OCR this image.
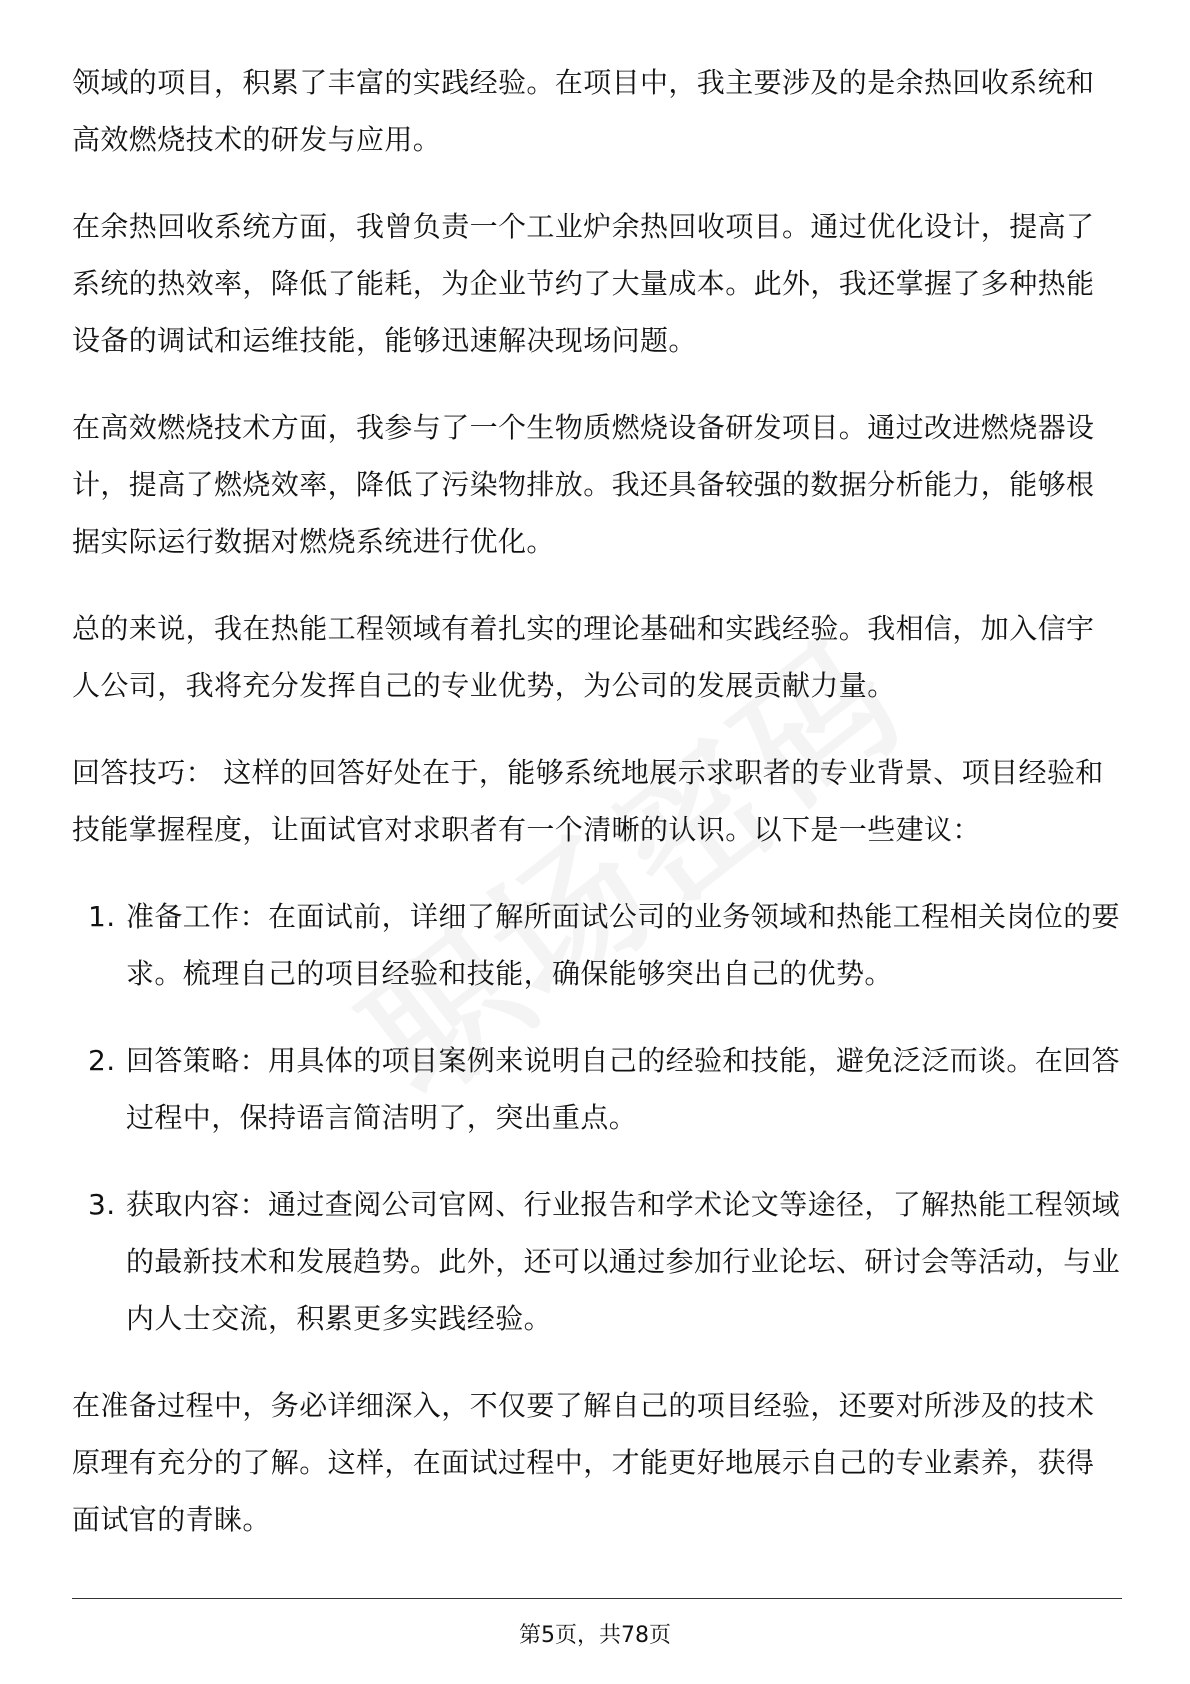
领域的项目，积累了丰富的实践经验。在项目中，我主要涉及的是余热回收系统和高效燃烧技术的研发与应用。

在余热回收系统方面，我曾负责一个工业炉余热回收项目。通过优化设计，提高了系统的热效率，降低了能耗，为企业节约了大量成本。此外，我还掌握了多种热能设备的调试和运维技能，能够迅速解决现场问题。

在高效燃烧技术方面，我参与了一个生物质燃烧设备研发项目。通过改进燃烧器设计，提高了燃烧效率，降低了污染物排放。我还具备较强的数据分析能力，能够根据实际运行数据对燃烧系统进行优化。

总的来说，我在热能工程领域有着扎实的理论基础和实践经验。我相信，加入信宇人公司，我将充分发挥自己的专业优势，为公司的发展贡献力量。

回答技巧： 这样的回答好处在于，能够系统地展示求职者的专业背景、项目经验和技能掌握程度，让面试官对求职者有一个清晰的认识。以下是一些建议：

1. 准备工作：在面试前，详细了解所面试公司的业务领域和热能工程相关岗位的要求。梳理自己的项目经验和技能，确保能够突出自己的优势。
2. 回答策略：用具体的项目案例来说明自己的经验和技能，避免泛泛而谈。在回答过程中，保持语言简洁明了，突出重点。
3. 获取内容：通过查阅公司官网、行业报告和学术论文等途径，了解热能工程领域的最新技术和发展趋势。此外，还可以通过参加行业论坛、研讨会等活动，与业内人士交流，积累更多实践经验。

在准备过程中，务必详细深入，不仅要了解自己的项目经验，还要对所涉及的技术原理有充分的了解。这样，在面试过程中，才能更好地展示自己的专业素养，获得面试官的青睐。

第5页，共78页
